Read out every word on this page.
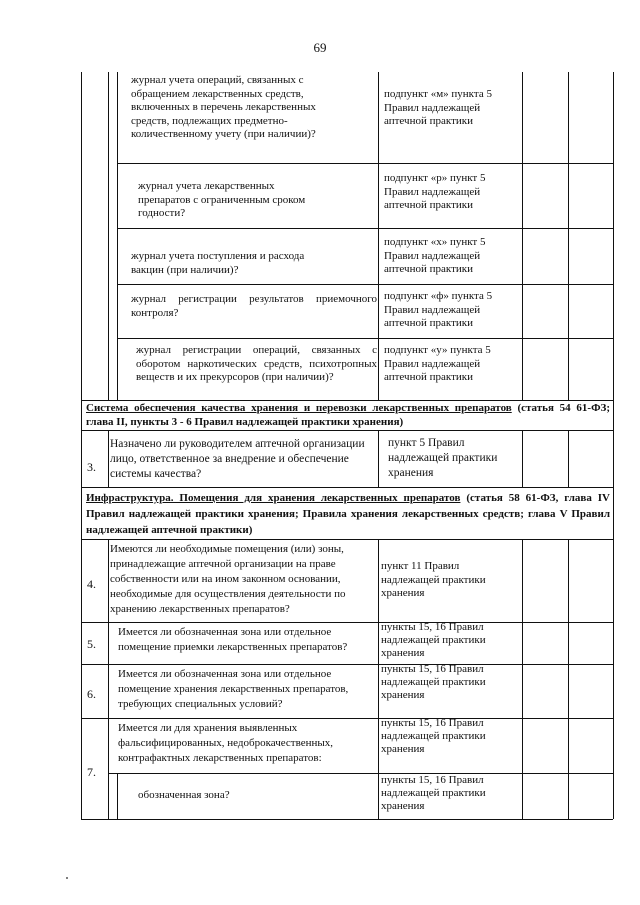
69
журнал учета операций, связанных с обращением лекарственных средств, включенных в перечень лекарственных средств, подлежащих предметно-количественному учету (при наличии)?
подпункт «м» пункта 5 Правил надлежащей аптечной практики
журнал учета лекарственных препаратов с ограниченным сроком годности?
подпункт «р» пункт 5 Правил надлежащей аптечной практики
журнал учета поступления и расхода вакцин (при наличии)?
подпункт «х» пункт 5 Правил надлежащей аптечной практики
журнал регистрации результатов приемочного контроля?
подпункт «ф» пункта 5 Правил надлежащей аптечной практики
журнал регистрации операций, связанных с оборотом наркотических средств, психотропных веществ и их прекурсоров (при наличии)?
подпункт «у» пункта 5 Правил надлежащей аптечной практики
Система обеспечения качества хранения и перевозки лекарственных препаратов (статья 54 61-ФЗ; глава II, пункты 3 - 6 Правил надлежащей практики хранения)
3.
Назначено ли руководителем аптечной организации лицо, ответственное за внедрение и обеспечение системы качества?
пункт 5 Правил надлежащей практики хранения
Инфраструктура. Помещения для хранения лекарственных препаратов (статья 58 61-ФЗ, глава IV Правил надлежащей практики хранения; Правила хранения лекарственных средств; глава V Правил надлежащей аптечной практики)
4.
Имеются ли необходимые помещения (или) зоны, принадлежащие аптечной организации на праве собственности или на ином законном основании, необходимые для осуществления деятельности по хранению лекарственных препаратов?
пункт 11 Правил надлежащей практики хранения
5.
Имеется ли обозначенная зона или отдельное помещение приемки лекарственных препаратов?
пункты 15, 16 Правил надлежащей практики хранения
6.
Имеется ли обозначенная зона или отдельное помещение хранения лекарственных препаратов, требующих специальных условий?
пункты 15, 16 Правил надлежащей практики хранения
7.
Имеется ли для хранения выявленных фальсифицированных, недоброкачественных, контрафактных лекарственных препаратов:
пункты 15, 16 Правил надлежащей практики хранения
обозначенная зона?
пункты 15, 16 Правил надлежащей практики хранения
